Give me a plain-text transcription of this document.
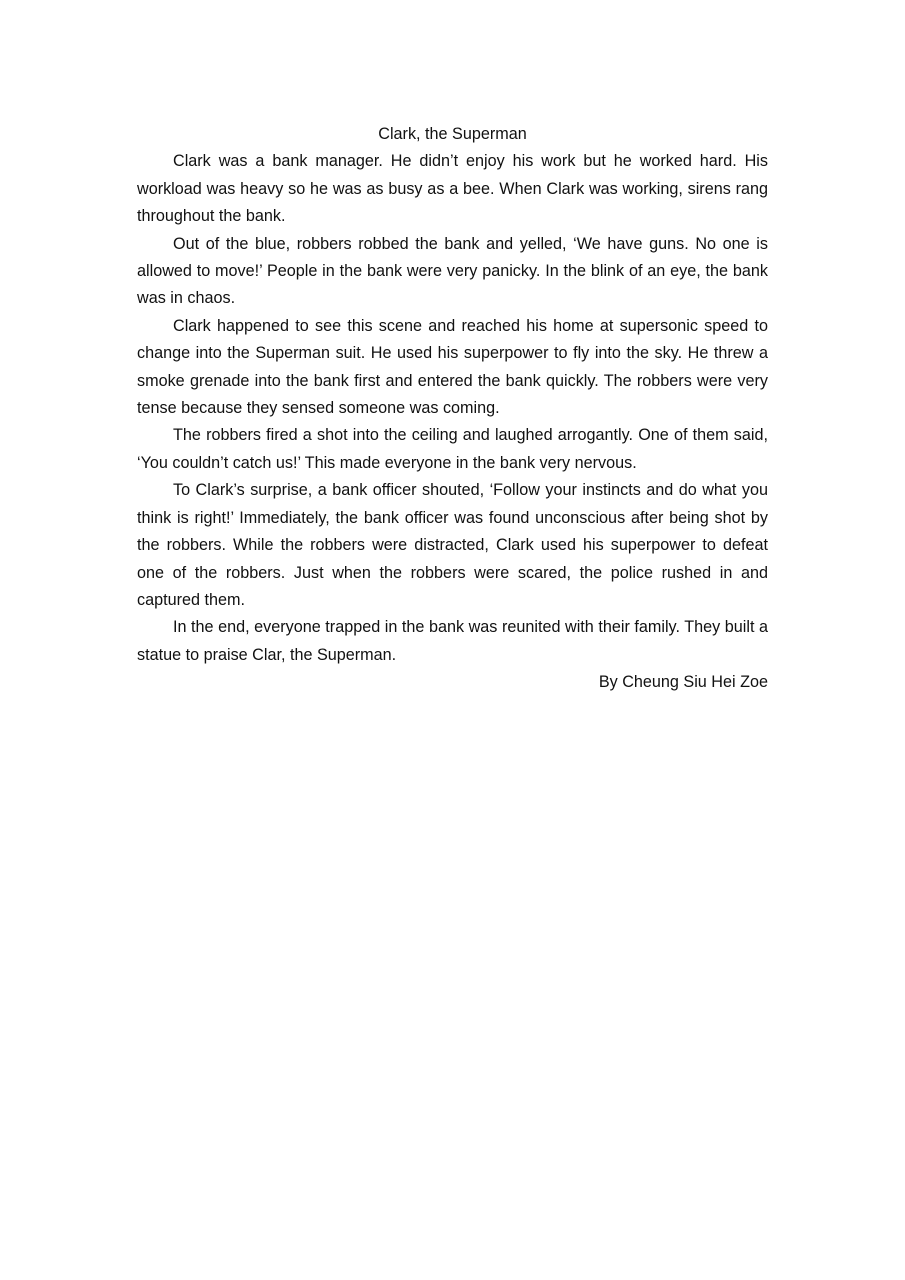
Clark, the Superman

Clark was a bank manager. He didn’t enjoy his work but he worked hard. His workload was heavy so he was as busy as a bee. When Clark was working, sirens rang throughout the bank.

Out of the blue, robbers robbed the bank and yelled, ‘We have guns. No one is allowed to move!’ People in the bank were very panicky. In the blink of an eye, the bank was in chaos.

Clark happened to see this scene and reached his home at supersonic speed to change into the Superman suit. He used his superpower to fly into the sky. He threw a smoke grenade into the bank first and entered the bank quickly. The robbers were very tense because they sensed someone was coming.

The robbers fired a shot into the ceiling and laughed arrogantly. One of them said, ‘You couldn’t catch us!’ This made everyone in the bank very nervous.

To Clark’s surprise, a bank officer shouted, ‘Follow your instincts and do what you think is right!’ Immediately, the bank officer was found unconscious after being shot by the robbers. While the robbers were distracted, Clark used his superpower to defeat one of the robbers. Just when the robbers were scared, the police rushed in and captured them.

In the end, everyone trapped in the bank was reunited with their family. They built a statue to praise Clar, the Superman.

By Cheung Siu Hei Zoe
